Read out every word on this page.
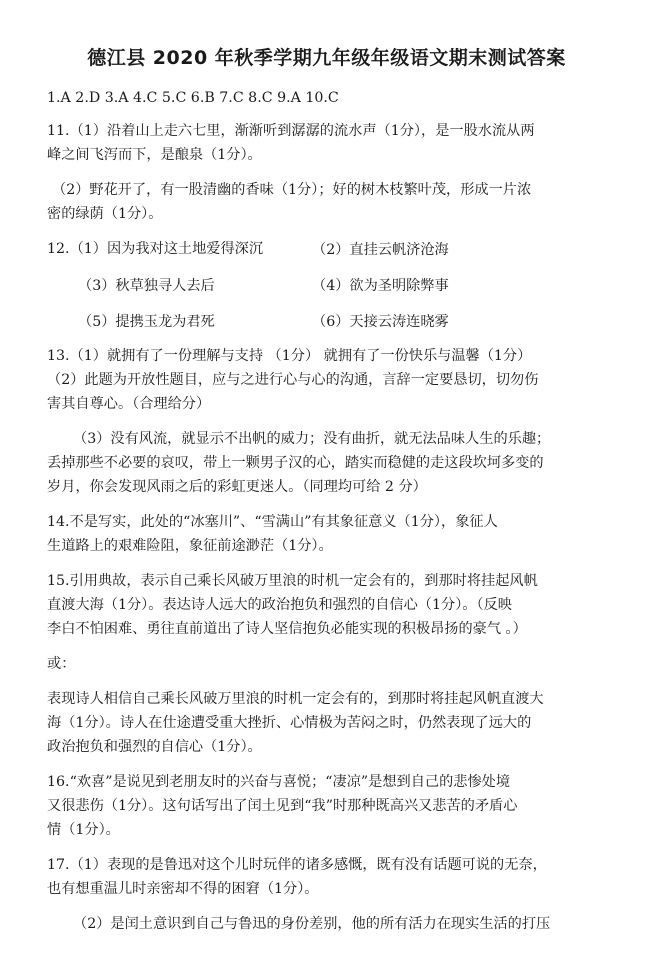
德江县 2020 年秋季学期九年级年级语文期末测试答案
1.A 2.D 3.A 4.C 5.C 6.B 7.C 8.C 9.A 10.C
11.（1）沿着山上走六七里，渐渐听到潺潺的流水声（1分），是一股水流从两
峰之间飞泻而下，是酿泉（1分）。
（2）野花开了，有一股清幽的香味（1分）；好的树木枝繁叶茂，形成一片浓
密的绿荫（1分）。
12.（1）因为我对这土地爱得深沉	（2）直挂云帆济沧海
（3）秋草独寻人去后	（4）欲为圣明除弊事
（5）提携玉龙为君死	（6）天接云涛连晓雾
13.（1）就拥有了一份理解与支持 （1分） 就拥有了一份快乐与温馨（1分）
（2）此题为开放性题目，应与之进行心与心的沟通，言辞一定要恳切，切勿伤
害其自尊心。（合理给分）
（3）没有风流，就显示不出帆的威力；没有曲折，就无法品味人生的乐趣；
丢掉那些不必要的哀叹，带上一颗男子汉的心，踏实而稳健的走这段坎坷多变的
岁月，你会发现风雨之后的彩虹更迷人。（同理均可给 2 分）
14.不是写实，此处的“冰塞川”、“雪满山”有其象征意义（1分），象征人
生道路上的艰难险阻，象征前途渺茫（1分）。
15.引用典故，表示自己乘长风破万里浪的时机一定会有的，到那时将挂起风帆
直渡大海（1分）。表达诗人远大的政治抱负和强烈的自信心（1分）。（反映
李白不怕困难、勇往直前道出了诗人坚信抱负必能实现的积极昂扬的豪气 。）
或：
表现诗人相信自己乘长风破万里浪的时机一定会有的，到那时将挂起风帆直渡大
海（1分）。诗人在仕途遭受重大挫折、心情极为苦闷之时，仍然表现了远大的
政治抱负和强烈的自信心（1分）。
16.“欢喜”是说见到老朋友时的兴奋与喜悦；“凄凉”是想到自己的悲惨处境
又很悲伤（1分）。这句话写出了闰土见到“我”时那种既高兴又悲苦的矛盾心
情（1分）。
17.（1）表现的是鲁迅对这个儿时玩伴的诸多感慨，既有没有话题可说的无奈，
也有想重温儿时亲密却不得的困窘（1分）。
（2）是闰土意识到自己与鲁迅的身份差别，他的所有活力在现实生活的打压
